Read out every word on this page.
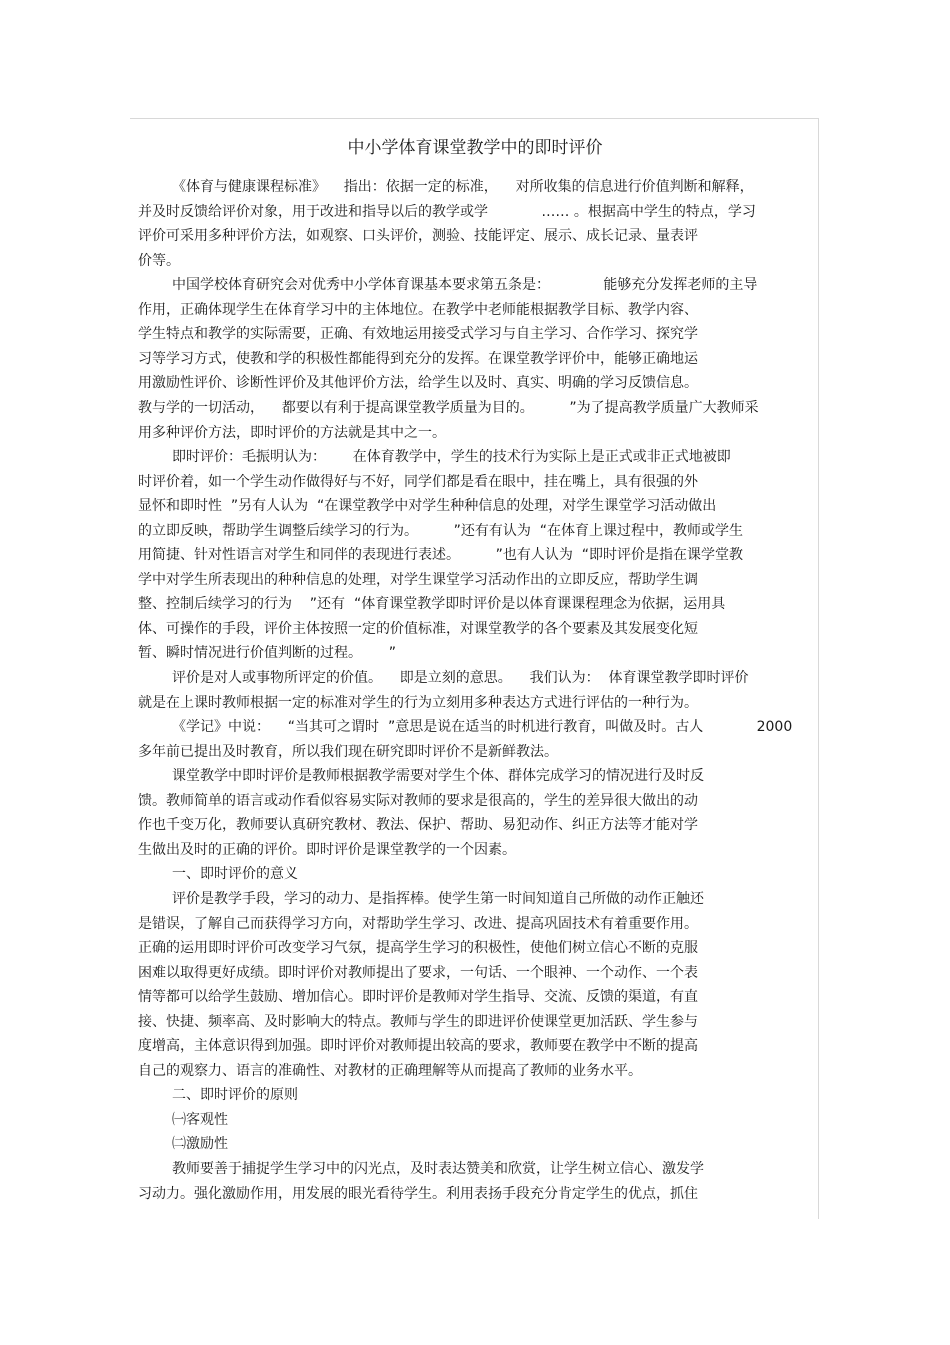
中小学体育课堂教学中的即时评价
《体育与健康课程标准》    指出：依据一定的标准，    对所收集的信息进行价值判断和解释，
并及时反馈给评价对象，用于改进和指导以后的教学或学            …… 。根据高中学生的特点，学习
评价可采用多种评价方法，如观察、口头评价，测验、技能评定、展示、成长记录、量表评
价等。
中国学校体育研究会对优秀中小学体育课基本要求第五条是：            能够充分发挥老师的主导
作用，正确体现学生在体育学习中的主体地位。在教学中老师能根据教学目标、教学内容、
学生特点和教学的实际需要，正确、有效地运用接受式学习与自主学习、合作学习、探究学
习等学习方式，使教和学的积极性都能得到充分的发挥。在课堂教学评价中，能够正确地运
用激励性评价、诊断性评价及其他评价方法，给学生以及时、真实、明确的学习反馈信息。
教与学的一切活动，    都要以有利于提高课堂教学质量为目的。        ”为了提高教学质量广大教师采
用多种评价方法，即时评价的方法就是其中之一。
即时评价：毛振明认为：      在体育教学中，学生的技术行为实际上是正式或非正式地被即
时评价着，如一个学生动作做得好与不好，同学们都是看在眼中，挂在嘴上，具有很强的外
显怀和即时性  ”另有人认为  “在课堂教学中对学生种种信息的处理，对学生课堂学习活动做出
的立即反映，帮助学生调整后续学习的行为。        ”还有有认为  “在体育上课过程中，教师或学生
用简捷、针对性语言对学生和同伴的表现进行表述。        ”也有人认为  “即时评价是指在课学堂教
学中对学生所表现出的种种信息的处理，对学生课堂学习活动作出的立即反应，帮助学生调
整、控制后续学习的行为    ”还有  “体育课堂教学即时评价是以体育课课程理念为依据，运用具
体、可操作的手段，评价主体按照一定的价值标准，对课堂教学的各个要素及其发展变化短
暂、瞬时情况进行价值判断的过程。      ”
评价是对人或事物所评定的价值。    即是立刻的意思。    我们认为：  体育课堂教学即时评价
就是在上课时教师根据一定的标准对学生的行为立刻用多种表达方式进行评估的一种行为。
《学记》中说：    “当其可之谓时  ”意思是说在适当的时机进行教育，叫做及时。古人            2000
多年前已提出及时教育，所以我们现在研究即时评价不是新鲜教法。
课堂教学中即时评价是教师根据教学需要对学生个体、群体完成学习的情况进行及时反
馈。教师简单的语言或动作看似容易实际对教师的要求是很高的，学生的差异很大做出的动
作也千变万化，教师要认真研究教材、教法、保护、帮助、易犯动作、纠正方法等才能对学
生做出及时的正确的评价。即时评价是课堂教学的一个因素。
一、即时评价的意义
评价是教学手段，学习的动力、是指挥棒。使学生第一时间知道自己所做的动作正触还
是错误，了解自己而获得学习方向，对帮助学生学习、改进、提高巩固技术有着重要作用。
正确的运用即时评价可改变学习气氛，提高学生学习的积极性，使他们树立信心不断的克服
困难以取得更好成绩。即时评价对教师提出了要求，一句话、一个眼神、一个动作、一个表
情等都可以给学生鼓励、增加信心。即时评价是教师对学生指导、交流、反馈的渠道，有直
接、快捷、频率高、及时影响大的特点。教师与学生的即进评价使课堂更加活跃、学生参与
度增高，主体意识得到加强。即时评价对教师提出较高的要求，教师要在教学中不断的提高
自己的观察力、语言的准确性、对教材的正确理解等从而提高了教师的业务水平。
二、即时评价的原则
㈠客观性
㈡激励性
教师要善于捕捉学生学习中的闪光点，及时表达赞美和欣赏，让学生树立信心、激发学
习动力。强化激励作用，用发展的眼光看待学生。利用表扬手段充分肯定学生的优点，抓住
